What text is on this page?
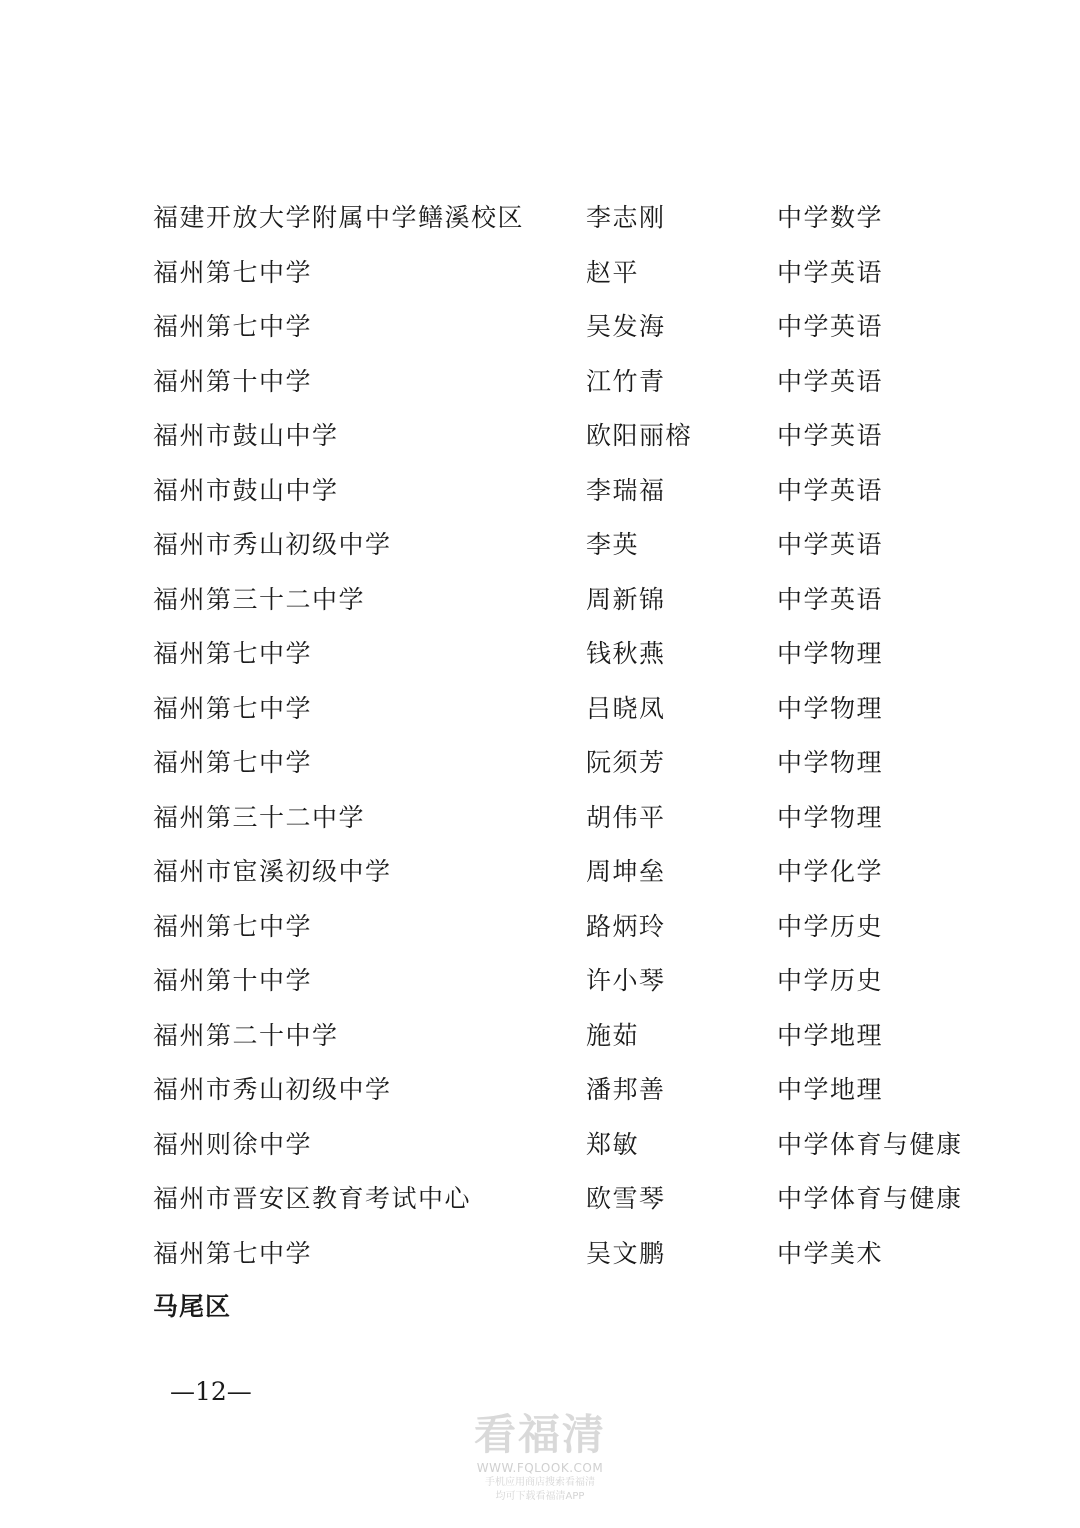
福建开放大学附属中学鳝溪校区 李志刚	中学数学
福州第七中学	赵平	中学英语
福州第七中学	吴发海	中学英语
福州第十中学	江竹青	中学英语
福州市鼓山中学	欧阳丽榕	中学英语
福州市鼓山中学	李瑞福	中学英语
福州市秀山初级中学	李英	中学英语
福州第三十二中学	周新锦	中学英语
福州第七中学	钱秋燕	中学物理
福州第七中学	吕晓凤	中学物理
福州第七中学	阮须芳	中学物理
福州第三十二中学	胡伟平	中学物理
福州市宦溪初级中学	周坤垒	中学化学
福州第七中学	路炳玲	中学历史
福州第十中学	许小琴	中学历史
福州第二十中学	施茹	中学地理
福州市秀山初级中学	潘邦善	中学地理
福州则徐中学	郑敏	中学体育与健康
福州市晋安区教育考试中心	欧雪琴	中学体育与健康
福州第七中学	吴文鹏	中学美术
马尾区
—12—
看福清
WWW.FQLOOK.COM
手机应用商店搜索看福清
均可下载看福清APP
